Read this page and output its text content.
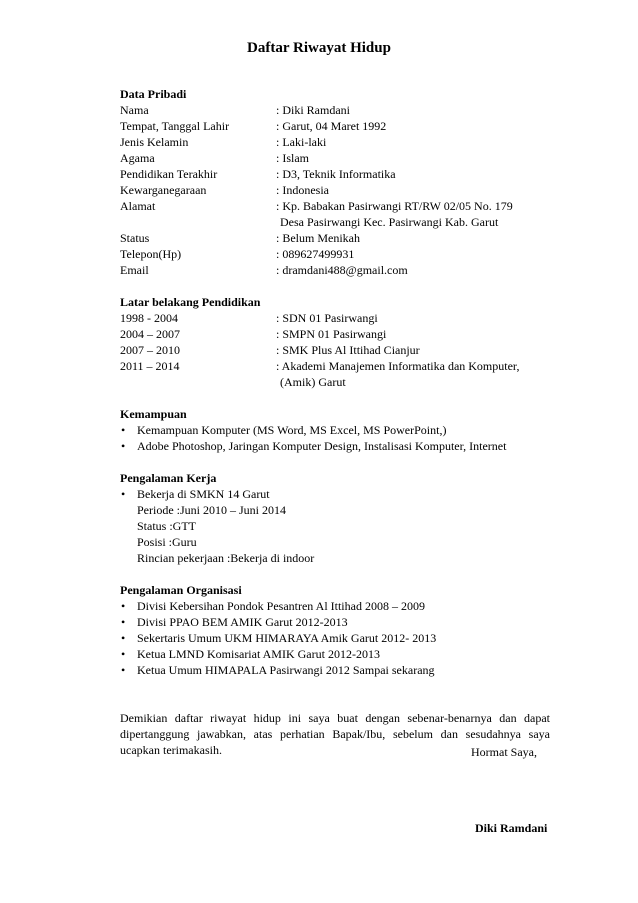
Daftar Riwayat Hidup
Data Pribadi
Nama	: Diki Ramdani
Tempat, Tanggal Lahir	: Garut, 04 Maret 1992
Jenis Kelamin	: Laki-laki
Agama	: Islam
Pendidikan Terakhir	: D3, Teknik Informatika
Kewarganegaraan	: Indonesia
Alamat	: Kp. Babakan Pasirwangi RT/RW 02/05 No. 179
Desa Pasirwangi Kec. Pasirwangi Kab. Garut
Status	: Belum Menikah
Telepon(Hp)	: 089627499931
Email	: dramdani488@gmail.com
Latar belakang Pendidikan
1998 - 2004	: SDN 01 Pasirwangi
2004 – 2007	: SMPN 01 Pasirwangi
2007 – 2010	: SMK Plus Al Ittihad Cianjur
2011 – 2014	: Akademi Manajemen Informatika dan Komputer,
(Amik) Garut
Kemampuan
• Kemampuan Komputer (MS Word, MS Excel, MS PowerPoint,)
• Adobe Photoshop, Jaringan Komputer Design, Instalisasi Komputer, Internet
Pengalaman Kerja
• Bekerja di SMKN 14 Garut
Periode :Juni 2010 – Juni 2014
Status :GTT
Posisi :Guru
Rincian pekerjaan :Bekerja di indoor
Pengalaman Organisasi
• Divisi Kebersihan Pondok Pesantren Al Ittihad 2008 – 2009
• Divisi PPAO BEM AMIK Garut 2012-2013
• Sekertaris Umum UKM HIMARAYA Amik Garut 2012- 2013
• Ketua LMND Komisariat AMIK Garut 2012-2013
• Ketua Umum HIMAPALA Pasirwangi 2012 Sampai sekarang
Demikian daftar riwayat hidup ini saya buat dengan sebenar-benarnya dan dapat dipertanggung jawabkan, atas perhatian Bapak/Ibu, sebelum dan sesudahnya saya ucapkan terimakasih.	Hormat Saya,
Diki Ramdani
